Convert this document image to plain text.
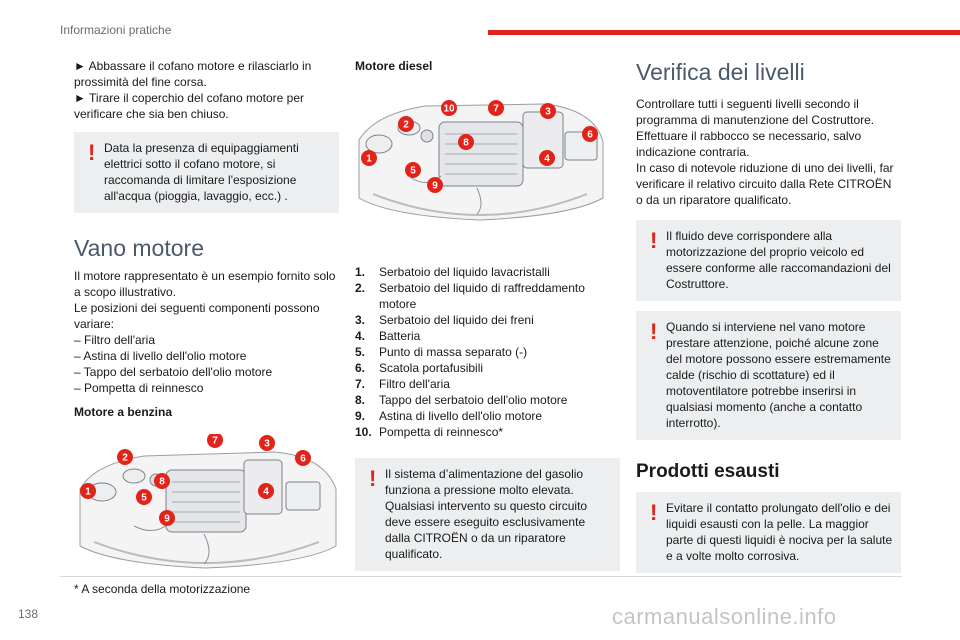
Informazioni pratiche
► Abbassare il cofano motore e rilasciarlo in prossimità del fine corsa.
► Tirare il coperchio del cofano motore per verificare che sia ben chiuso.
! Data la presenza di equipaggiamenti elettrici sotto il cofano motore, si raccomanda di limitare l'esposizione all'acqua (pioggia, lavaggio, ecc.) .
Vano motore
Il motore rappresentato è un esempio fornito solo a scopo illustrativo.
Le posizioni dei seguenti componenti possono variare:
– Filtro dell'aria
– Astina di livello dell'olio motore
– Tappo del serbatoio dell'olio motore
– Pompetta di reinnesco
Motore a benzina
1
2
3
4
5
6
7
8
9
Motore diesel
1
2
3
4
5
6
7
8
9
10
1. Serbatoio del liquido lavacristalli
2. Serbatoio del liquido di raffreddamento motore
3. Serbatoio del liquido dei freni
4. Batteria
5. Punto di massa separato (-)
6. Scatola portafusibili
7. Filtro dell'aria
8. Tappo del serbatoio dell'olio motore
9. Astina di livello dell'olio motore
10. Pompetta di reinnesco*
! Il sistema d’alimentazione del gasolio funziona a pressione molto elevata. Qualsiasi intervento su questo circuito deve essere eseguito esclusivamente dalla CITROËN o da un riparatore qualificato.
Verifica dei livelli
Controllare tutti i seguenti livelli secondo il programma di manutenzione del Costruttore. Effettuare il rabbocco se necessario, salvo indicazione contraria.
In caso di notevole riduzione di uno dei livelli, far verificare il relativo circuito dalla Rete CITROËN o da un riparatore qualificato.
! Il fluido deve corrispondere alla motorizzazione del proprio veicolo ed essere conforme alle raccomandazioni del Costruttore.
! Quando si interviene nel vano motore prestare attenzione, poiché alcune zone del motore possono essere estremamente calde (rischio di scottature) ed il motoventilatore potrebbe inserirsi in qualsiasi momento (anche a contatto interrotto).
Prodotti esausti
! Evitare il contatto prolungato dell'olio e dei liquidi esausti con la pelle. La maggior parte di questi liquidi è nociva per la salute e a volte molto corrosiva.
* A seconda della motorizzazione
138	carmanualsonline.info
